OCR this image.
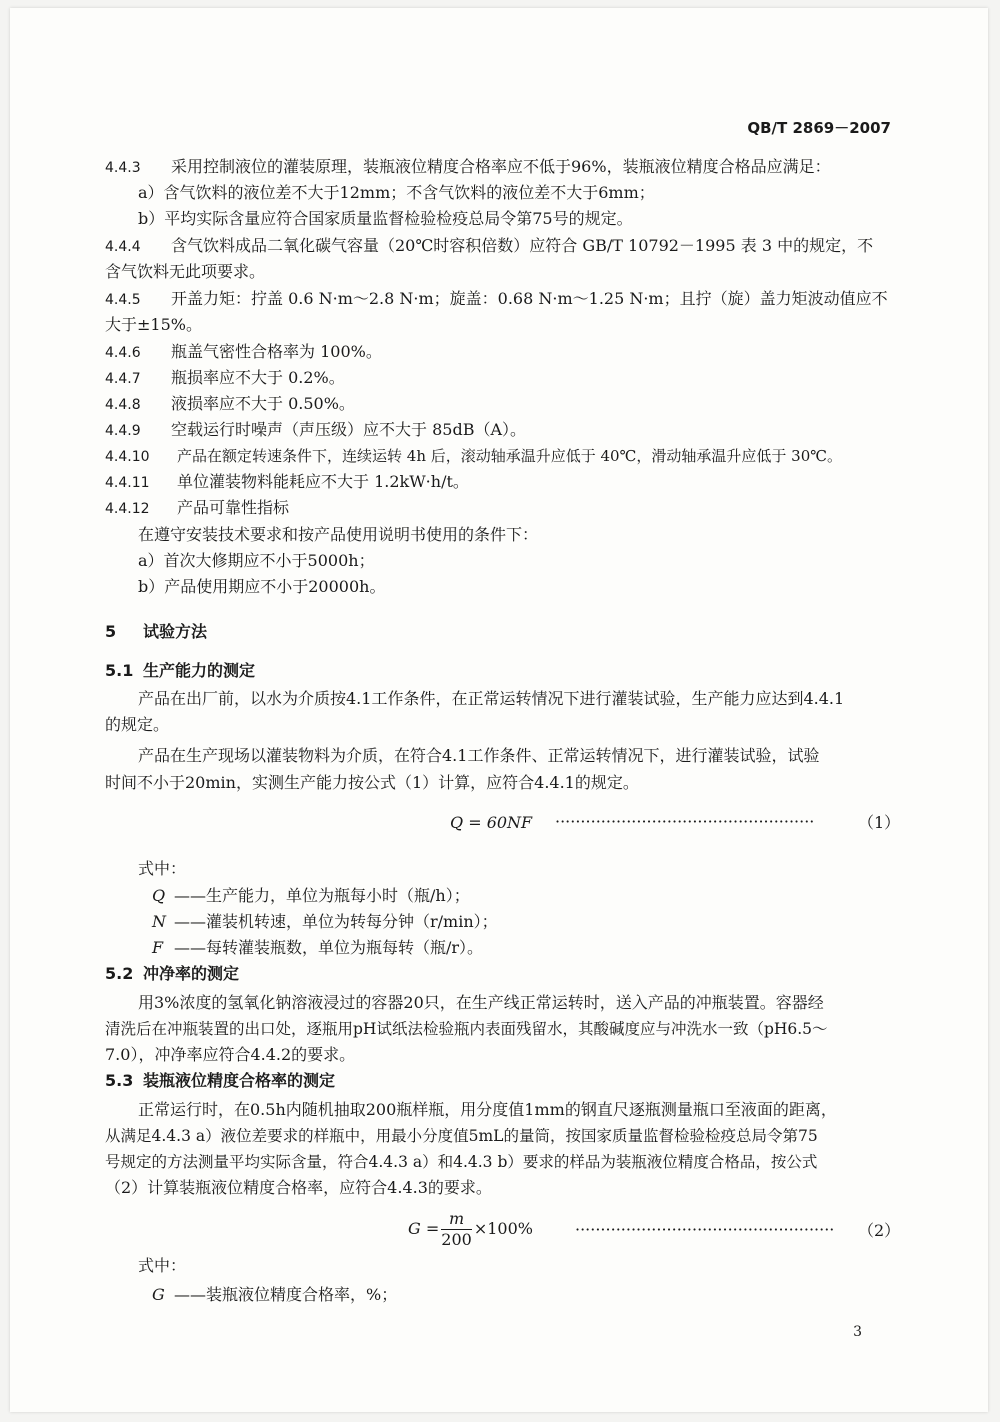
QB/T 2869－2007
4.4.3 采用控制液位的灌装原理，装瓶液位精度合格率应不低于96%，装瓶液位精度合格品应满足：
a）含气饮料的液位差不大于12mm；不含气饮料的液位差不大于6mm；
b）平均实际含量应符合国家质量监督检验检疫总局令第75号的规定。
4.4.4 含气饮料成品二氧化碳气容量（20℃时容积倍数）应符合 GB/T 10792－1995 表 3 中的规定，不
含气饮料无此项要求。
4.4.5 开盖力矩：拧盖 0.6 N·m～2.8 N·m；旋盖：0.68 N·m～1.25 N·m；且拧（旋）盖力矩波动值应不
大于±15%。
4.4.6 瓶盖气密性合格率为 100%。
4.4.7 瓶损率应不大于 0.2%。
4.4.8 液损率应不大于 0.50%。
4.4.9 空载运行时噪声（声压级）应不大于 85dB（A）。
4.4.10 产品在额定转速条件下，连续运转 4h 后，滚动轴承温升应低于 40℃，滑动轴承温升应低于 30℃。
4.4.11 单位灌装物料能耗应不大于 1.2kW·h/t。
4.4.12 产品可靠性指标
在遵守安装技术要求和按产品使用说明书使用的条件下：
a）首次大修期应不小于5000h；
b）产品使用期应不小于20000h。
5 试验方法
5.1 生产能力的测定
产品在出厂前，以水为介质按4.1工作条件，在正常运转情况下进行灌装试验，生产能力应达到4.4.1
的规定。
产品在生产现场以灌装物料为介质，在符合4.1工作条件、正常运转情况下，进行灌装试验，试验
时间不小于20min，实测生产能力按公式（1）计算，应符合4.4.1的规定。
Q = 60NF ···················································	（1）
式中：
Q ——生产能力，单位为瓶每小时（瓶/h）；
N ——灌装机转速，单位为转每分钟（r/min）；
F ——每转灌装瓶数，单位为瓶每转（瓶/r）。
5.2 冲净率的测定
用3%浓度的氢氧化钠溶液浸过的容器20只，在生产线正常运转时，送入产品的冲瓶装置。容器经
清洗后在冲瓶装置的出口处，逐瓶用pH试纸法检验瓶内表面残留水，其酸碱度应与冲洗水一致（pH6.5～
7.0），冲净率应符合4.4.2的要求。
5.3 装瓶液位精度合格率的测定
正常运行时，在0.5h内随机抽取200瓶样瓶，用分度值1mm的钢直尺逐瓶测量瓶口至液面的距离，
从满足4.4.3 a）液位差要求的样瓶中，用最小分度值5mL的量筒，按国家质量监督检验检疫总局令第75
号规定的方法测量平均实际含量，符合4.4.3 a）和4.4.3 b）要求的样品为装瓶液位精度合格品，按公式
（2）计算装瓶液位精度合格率，应符合4.4.3的要求。
$G = \frac{m}{200} \times 100\%$	··················································· （2）
式中：
G ——装瓶液位精度合格率，%；
3
